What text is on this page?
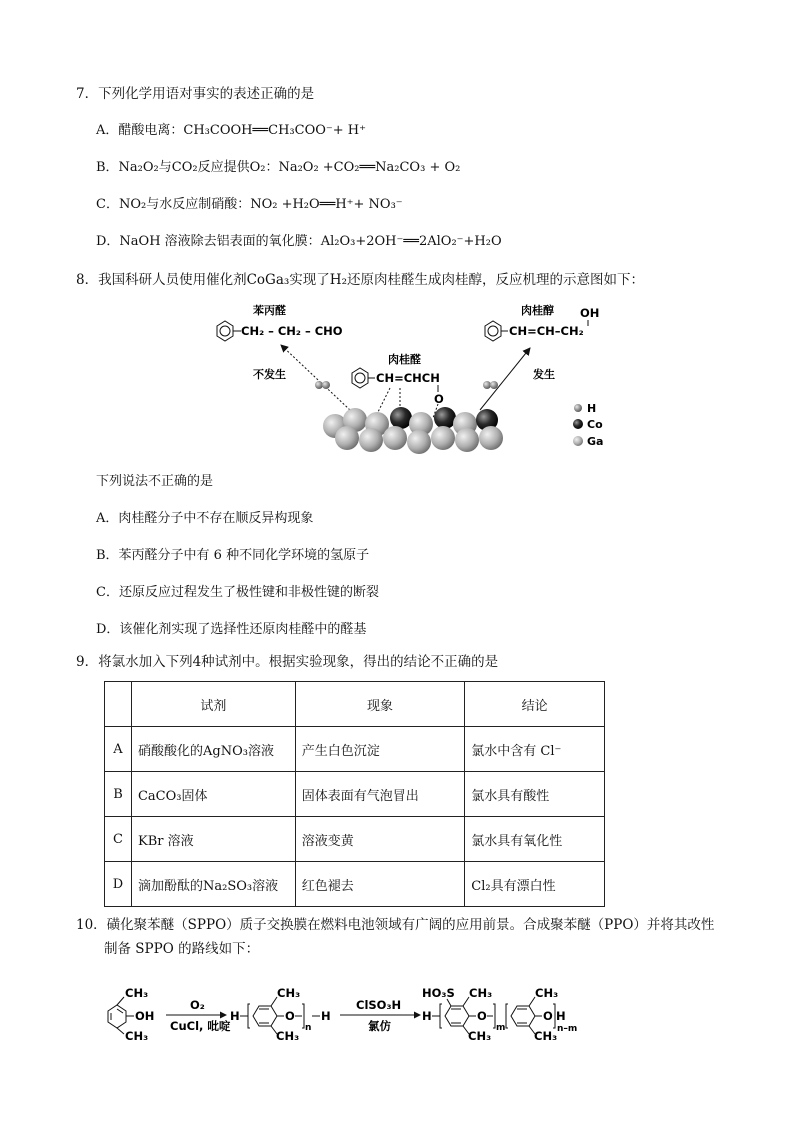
7．下列化学用语对事实的表述正确的是
A．醋酸电离：CH₃COOH══CH₃COO⁻+ H⁺
B．Na₂O₂与CO₂反应提供O₂：Na₂O₂ +CO₂══Na₂CO₃ + O₂
C．NO₂与水反应制硝酸：NO₂ +H₂O══H⁺+ NO₃⁻
D．NaOH 溶液除去铝表面的氧化膜：Al₂O₃+2OH⁻══2AlO₂⁻+H₂O
8．我国科研人员使用催化剂CoGa₃实现了H₂还原肉桂醛生成肉桂醇，反应机理的示意图如下：
苯丙醛
CH₂ – CH₂ – CHO
不发生
肉桂醛
CH=CHCH
O
发生
肉桂醇
CH=CH–CH₂
OH
H
Co
Ga
下列说法不正确的是
A．肉桂醛分子中不存在顺反异构现象
B．苯丙醛分子中有 6 种不同化学环境的氢原子
C．还原反应过程发生了极性键和非极性键的断裂
D．该催化剂实现了选择性还原肉桂醛中的醛基
9．将氯水加入下列4种试剂中。根据实验现象，得出的结论不正确的是
	试剂	现象	结论
A	硝酸酸化的AgNO₃溶液	产生白色沉淀	氯水中含有 Cl⁻
B	CaCO₃固体	固体表面有气泡冒出	氯水具有酸性
C	KBr 溶液	溶液变黄	氯水具有氧化性
D	滴加酚酞的Na₂SO₃溶液	红色褪去	Cl₂具有漂白性
10．磺化聚苯醚（SPPO）质子交换膜在燃料电池领域有广阔的应用前景。合成聚苯醚（PPO）并将其改性
制备 SPPO 的路线如下：
CH₃
OH
CH₃
O₂
CuCl, 吡啶
H
CH₃
CH₃
O
n
H
ClSO₃H
氯仿
HO₃S
H
CH₃
CH₃
O
m
CH₃
CH₃
O H
n–m
